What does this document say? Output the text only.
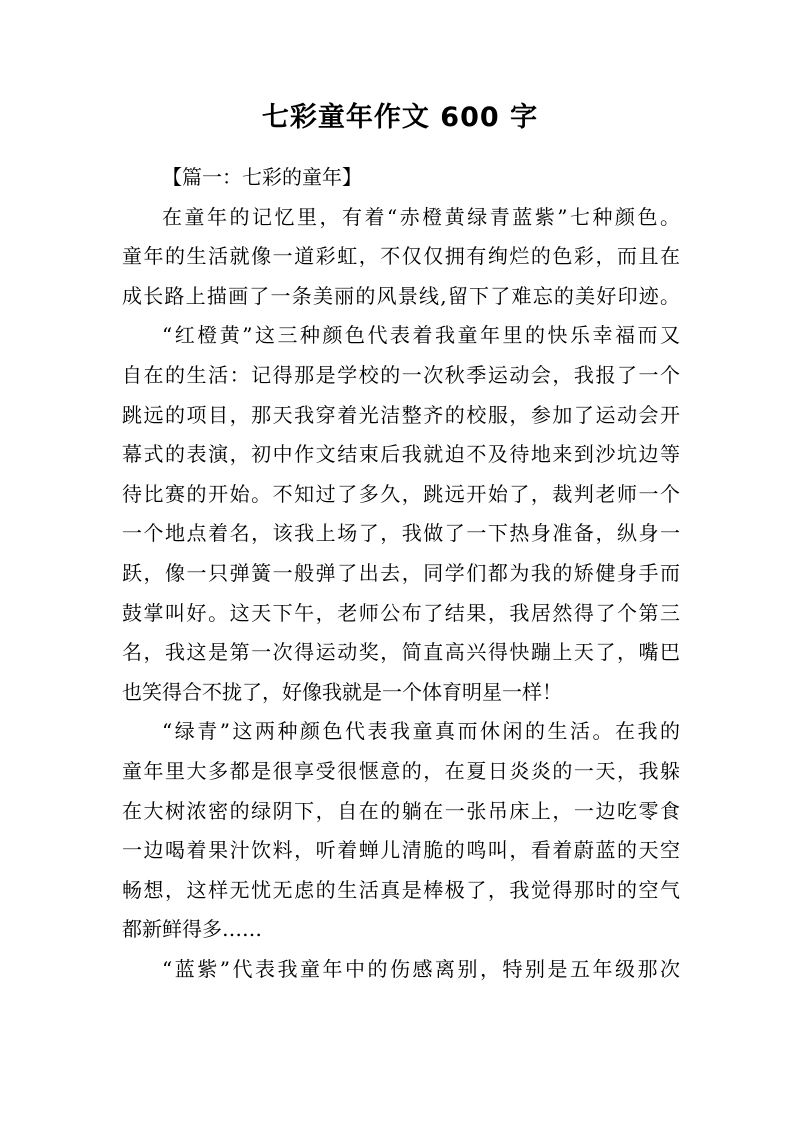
七彩童年作文 600 字
【篇一：七彩的童年】
在童年的记忆里，有着“赤橙黄绿青蓝紫”七种颜色。
童年的生活就像一道彩虹，不仅仅拥有绚烂的色彩，而且在
成长路上描画了一条美丽的风景线,留下了难忘的美好印迹。
“红橙黄”这三种颜色代表着我童年里的快乐幸福而又
自在的生活：记得那是学校的一次秋季运动会，我报了一个
跳远的项目，那天我穿着光洁整齐的校服，参加了运动会开
幕式的表演，初中作文结束后我就迫不及待地来到沙坑边等
待比赛的开始。不知过了多久，跳远开始了，裁判老师一个
一个地点着名，该我上场了，我做了一下热身准备，纵身一
跃，像一只弹簧一般弹了出去，同学们都为我的矫健身手而
鼓掌叫好。这天下午，老师公布了结果，我居然得了个第三
名，我这是第一次得运动奖，简直高兴得快蹦上天了，嘴巴
也笑得合不拢了，好像我就是一个体育明星一样！
“绿青”这两种颜色代表我童真而休闲的生活。在我的
童年里大多都是很享受很惬意的，在夏日炎炎的一天，我躲
在大树浓密的绿阴下，自在的躺在一张吊床上，一边吃零食
一边喝着果汁饮料，听着蝉儿清脆的鸣叫，看着蔚蓝的天空
畅想，这样无忧无虑的生活真是棒极了，我觉得那时的空气
都新鲜得多……
“蓝紫”代表我童年中的伤感离别，特别是五年级那次
